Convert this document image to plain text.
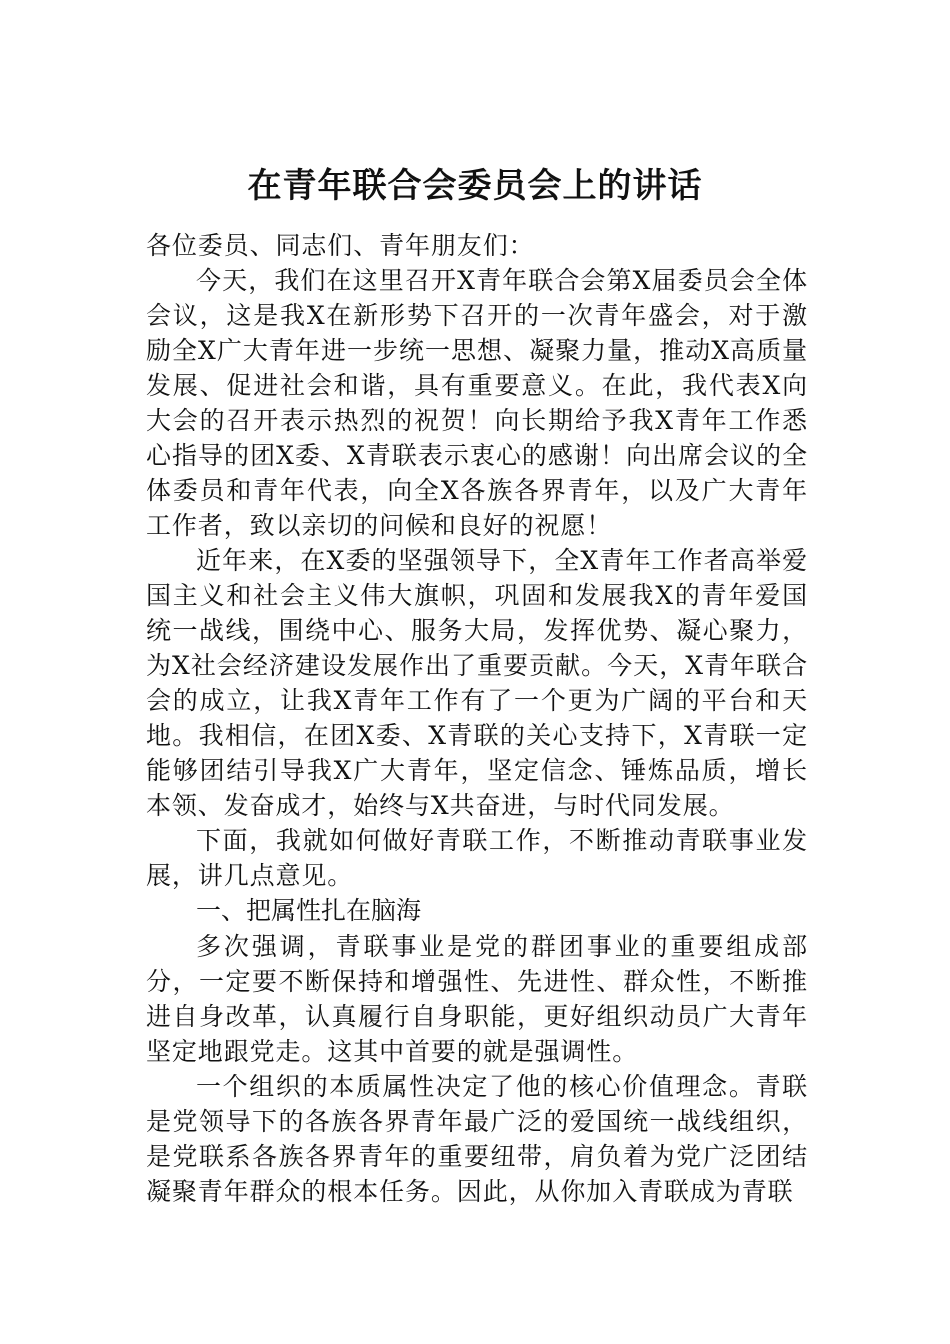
在青年联合会委员会上的讲话

各位委员、同志们、青年朋友们：

今天，我们在这里召开X青年联合会第X届委员会全体会议，这是我X在新形势下召开的一次青年盛会，对于激励全X广大青年进一步统一思想、凝聚力量，推动X高质量发展、促进社会和谐，具有重要意义。在此，我代表X向大会的召开表示热烈的祝贺！向长期给予我X青年工作悉心指导的团X委、X青联表示衷心的感谢！向出席会议的全体委员和青年代表，向全X各族各界青年，以及广大青年工作者，致以亲切的问候和良好的祝愿！

近年来，在X委的坚强领导下，全X青年工作者高举爱国主义和社会主义伟大旗帜，巩固和发展我X的青年爱国统一战线，围绕中心、服务大局，发挥优势、凝心聚力，为X社会经济建设发展作出了重要贡献。今天，X青年联合会的成立，让我X青年工作有了一个更为广阔的平台和天地。我相信，在团X委、X青联的关心支持下，X青联一定能够团结引导我X广大青年，坚定信念、锤炼品质，增长本领、发奋成才，始终与X共奋进，与时代同发展。

下面，我就如何做好青联工作，不断推动青联事业发展，讲几点意见。

一、把属性扎在脑海

多次强调，青联事业是党的群团事业的重要组成部分，一定要不断保持和增强性、先进性、群众性，不断推进自身改革，认真履行自身职能，更好组织动员广大青年坚定地跟党走。这其中首要的就是强调性。

一个组织的本质属性决定了他的核心价值理念。青联是党领导下的各族各界青年最广泛的爱国统一战线组织，是党联系各族各界青年的重要纽带，肩负着为党广泛团结凝聚青年群众的根本任务。因此，从你加入青联成为青联
